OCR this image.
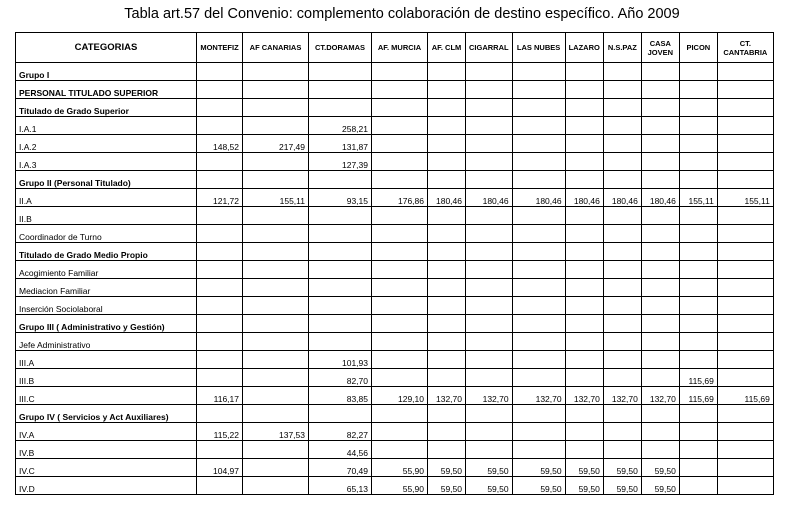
Tabla art.57 del Convenio: complemento colaboración de destino específico. Año 2009
CATEGORIAS	MONTEFIZ	AF CANARIAS	CT.DORAMAS	AF. MURCIA	AF. CLM	CIGARRAL	LAS NUBES	LAZARO	N.S.PAZ	CASA JOVEN	PICON	CT. CANTABRIA
Grupo I												
PERSONAL TITULADO SUPERIOR												
Titulado de Grado Superior												
I.A.1			258,21									
I.A.2	148,52	217,49	131,87									
I.A.3			127,39									
Grupo II (Personal Titulado)												
II.A	121,72	155,11	93,15	176,86	180,46	180,46	180,46	180,46	180,46	180,46	155,11	155,11
II.B												
Coordinador de Turno												
Titulado de Grado Medio Propio												
Acogimiento Familiar												
Mediacion Familiar												
Inserción Sociolaboral												
Grupo III ( Administrativo y Gestión)												
Jefe Administrativo												
III.A			101,93									
III.B			82,70								115,69	
III.C	116,17		83,85	129,10	132,70	132,70	132,70	132,70	132,70	132,70	115,69	115,69
Grupo IV ( Servicios y Act Auxiliares)												
IV.A	115,22	137,53	82,27									
IV.B			44,56									
IV.C	104,97		70,49	55,90	59,50	59,50	59,50	59,50	59,50	59,50		
IV.D			65,13	55,90	59,50	59,50	59,50	59,50	59,50	59,50		
